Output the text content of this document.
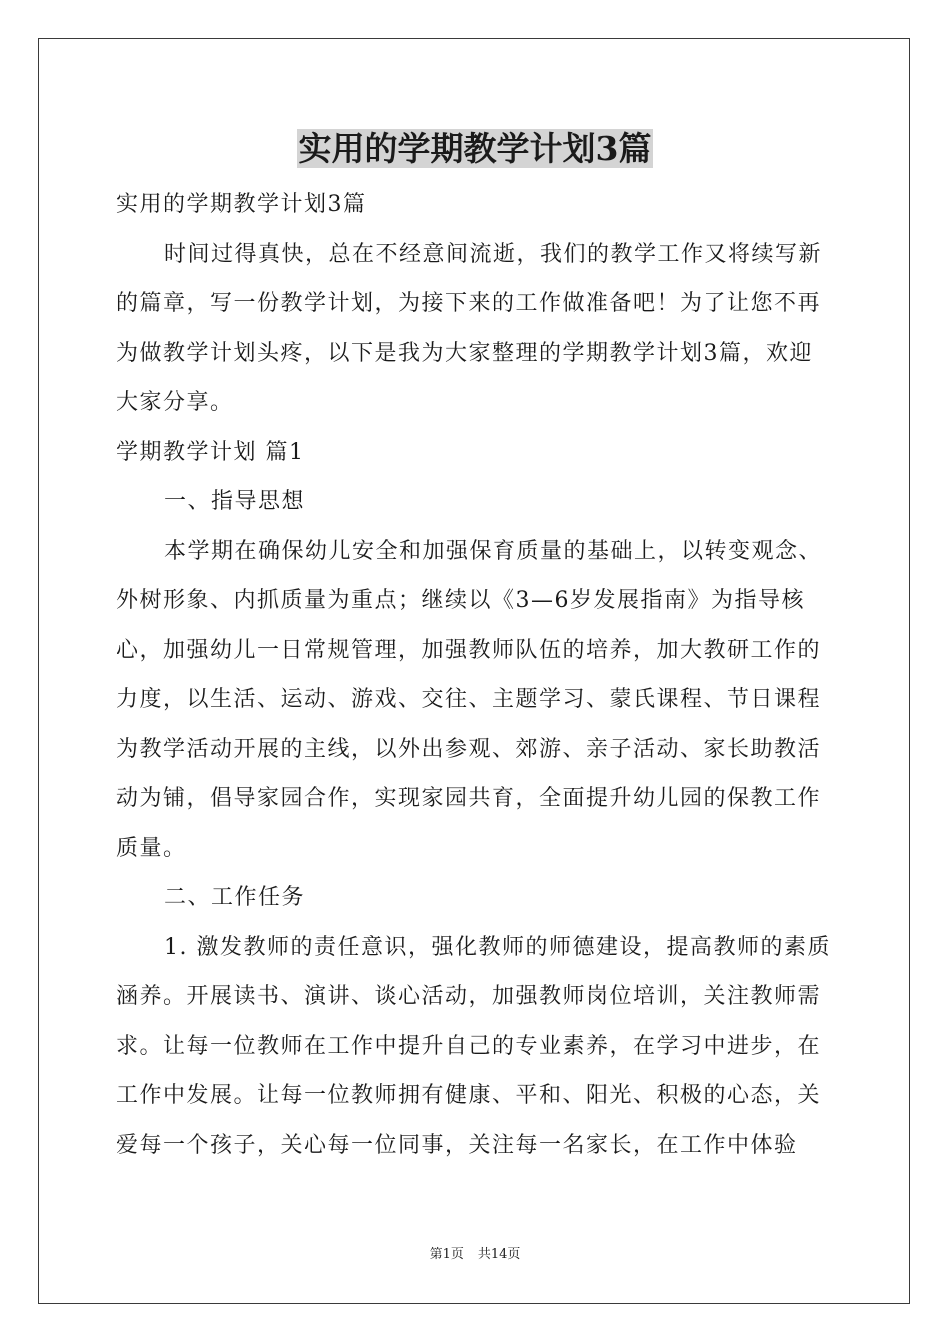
实用的学期教学计划3篇

实用的学期教学计划3篇

时间过得真快，总在不经意间流逝，我们的教学工作又将续写新的篇章，写一份教学计划，为接下来的工作做准备吧！为了让您不再为做教学计划头疼，以下是我为大家整理的学期教学计划3篇，欢迎大家分享。

学期教学计划 篇1

一、指导思想

本学期在确保幼儿安全和加强保育质量的基础上，以转变观念、外树形象、内抓质量为重点；继续以《3—6岁发展指南》为指导核心，加强幼儿一日常规管理，加强教师队伍的培养，加大教研工作的力度，以生活、运动、游戏、交往、主题学习、蒙氏课程、节日课程为教学活动开展的主线，以外出参观、郊游、亲子活动、家长助教活动为铺，倡导家园合作，实现家园共育，全面提升幼儿园的保教工作质量。

二、工作任务

1. 激发教师的责任意识，强化教师的师德建设，提高教师的素质涵养。开展读书、演讲、谈心活动，加强教师岗位培训，关注教师需求。让每一位教师在工作中提升自己的专业素养，在学习中进步，在工作中发展。让每一位教师拥有健康、平和、阳光、积极的心态，关爱每一个孩子，关心每一位同事，关注每一名家长，在工作中体验

第1页 共14页
